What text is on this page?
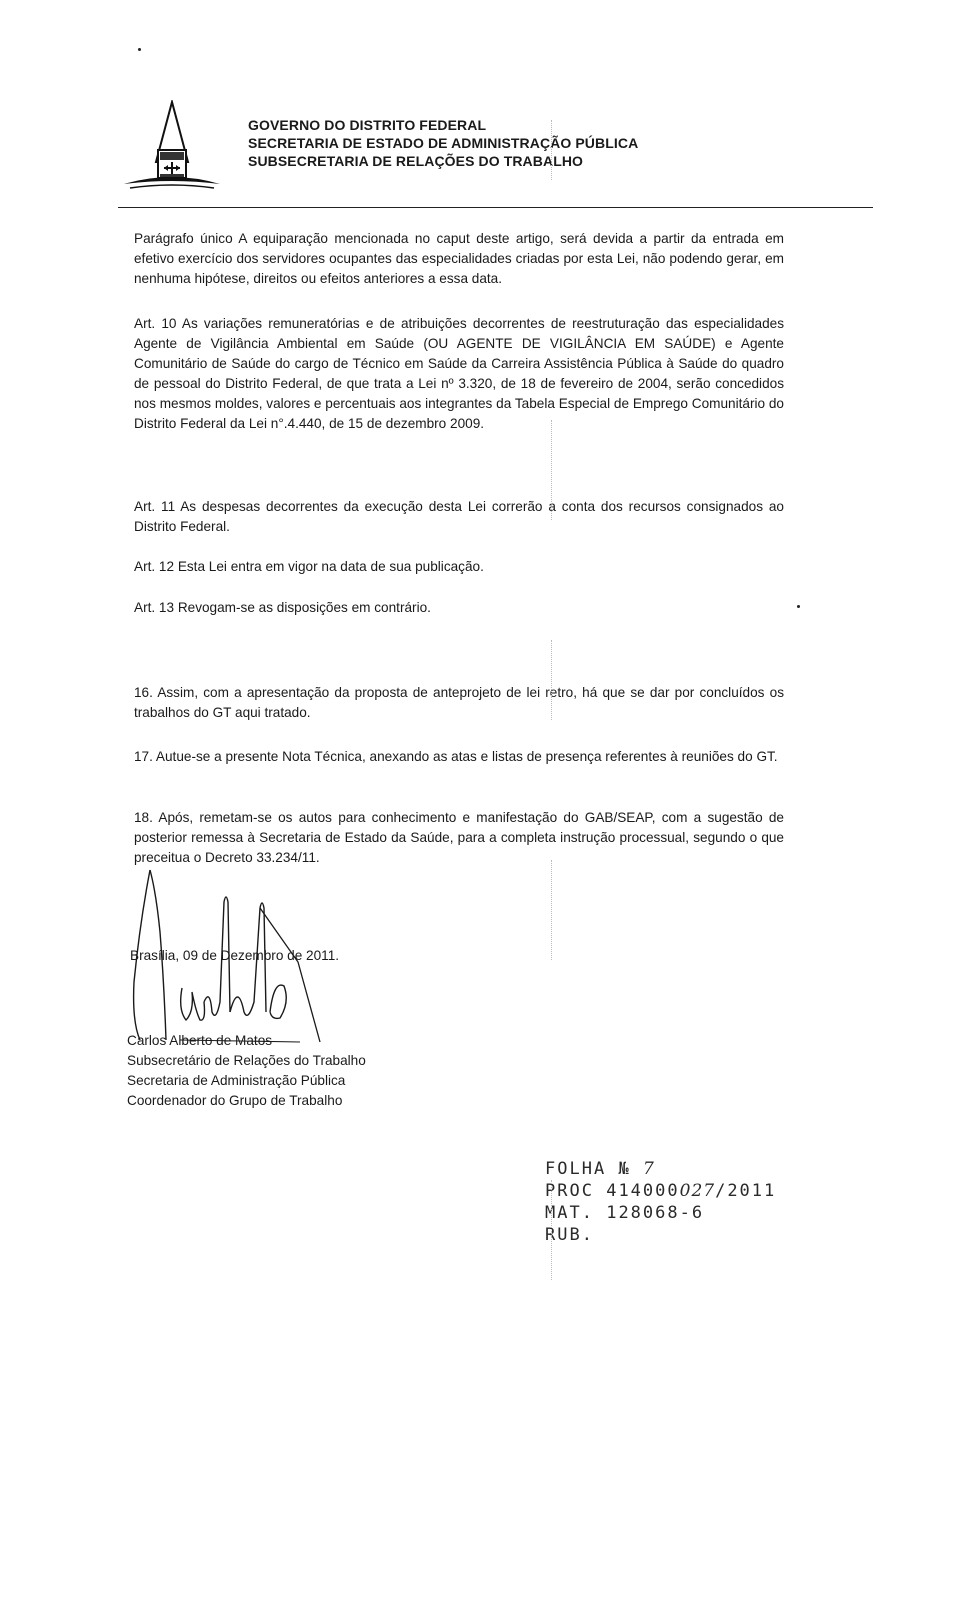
GOVERNO DO DISTRITO FEDERAL
SECRETARIA DE ESTADO DE ADMINISTRAÇÃO PÚBLICA
SUBSECRETARIA DE RELAÇÕES DO TRABALHO
Parágrafo único A equiparação mencionada no caput deste artigo, será devida a partir da entrada em efetivo exercício dos servidores ocupantes das especialidades criadas por esta Lei, não podendo gerar, em nenhuma hipótese, direitos ou efeitos anteriores a essa data.
Art. 10 As variações remuneratórias e de atribuições decorrentes de reestruturação das especialidades Agente de Vigilância Ambiental em Saúde (OU AGENTE DE VIGILÂNCIA EM SAÚDE) e Agente Comunitário de Saúde do cargo de Técnico em Saúde da Carreira Assistência Pública à Saúde do quadro de pessoal do Distrito Federal, de que trata a Lei nº 3.320, de 18 de fevereiro de 2004, serão concedidos nos mesmos moldes, valores e percentuais aos integrantes da Tabela Especial de Emprego Comunitário do Distrito Federal da Lei n°.4.440, de 15 de dezembro 2009.
Art. 11 As despesas decorrentes da execução desta Lei correrão a conta dos recursos consignados ao Distrito Federal.
Art. 12 Esta Lei entra em vigor na data de sua publicação.
Art. 13 Revogam-se as disposições em contrário.
16. Assim, com a apresentação da proposta de anteprojeto de lei retro, há que se dar por concluídos os trabalhos do GT aqui tratado.
17. Autue-se a presente Nota Técnica, anexando as atas e listas de presença referentes à reuniões do GT.
18. Após, remetam-se os autos para conhecimento e manifestação do GAB/SEAP, com a sugestão de posterior remessa à Secretaria de Estado da Saúde, para a completa instrução processual, segundo o que preceitua o Decreto 33.234/11.
Brasília, 09 de Dezembro de 2011.
Carlos Alberto de Matos
Subsecretário de Relações do Trabalho
Secretaria de Administração Pública
Coordenador do Grupo de Trabalho
FOLHA № 7
PROC 414000027/2011
MAT. 128068-6
RUB.
